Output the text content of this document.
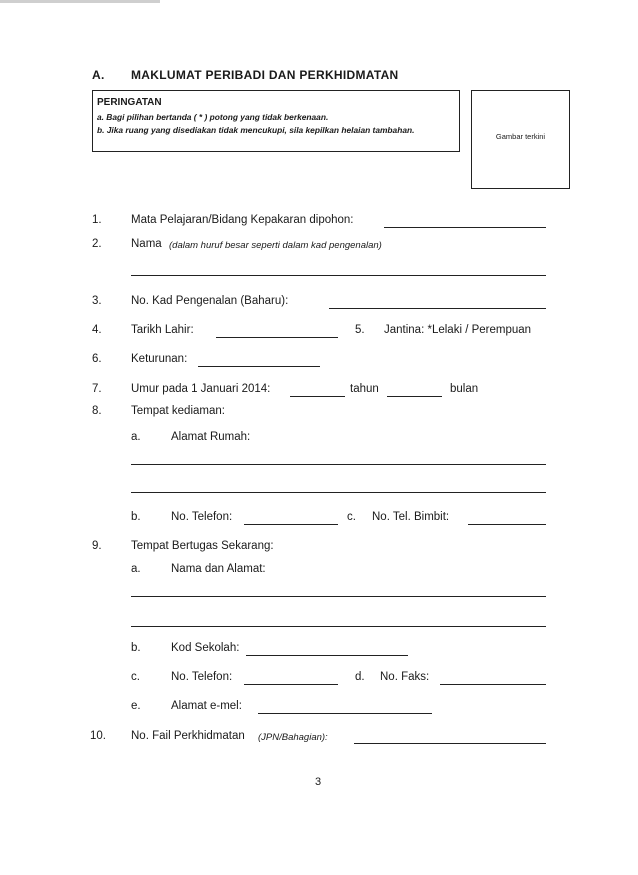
A. MAKLUMAT PERIBADI DAN PERKHIDMATAN
PERINGATAN
a. Bagi pilihan bertanda ( * ) potong yang tidak berkenaan.
b. Jika ruang yang disediakan tidak mencukupi, sila kepilkan helaian tambahan.
Gambar terkini
1.	Mata Pelajaran/Bidang Kepakaran dipohon:
2.	Nama (dalam huruf besar seperti dalam kad pengenalan)
3.	No. Kad Pengenalan (Baharu):
4.	Tarikh Lahir:	5. Jantina: *Lelaki / Perempuan
6.	Keturunan:
7.	Umur pada 1 Januari 2014:	tahun	bulan
8.	Tempat kediaman:
a.	Alamat Rumah:
b.	No. Telefon:	c. No. Tel. Bimbit:
9.	Tempat Bertugas Sekarang:
a.	Nama dan Alamat:
b.	Kod Sekolah:
c.	No. Telefon:	d. No. Faks:
e.	Alamat e-mel:
10. No. Fail Perkhidmatan (JPN/Bahagian):
3
